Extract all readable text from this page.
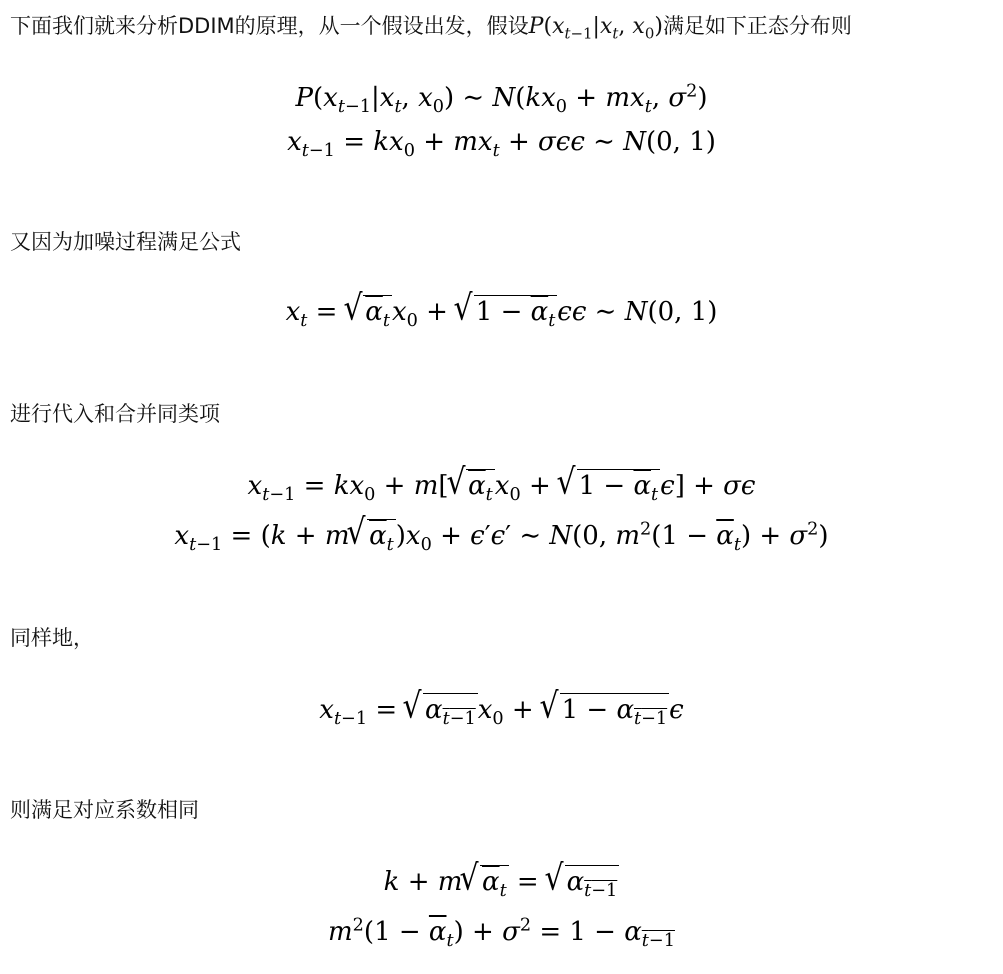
下面我们就来分析DDIM的原理，从一个假设出发，假设$P(x_{t-1}|x_t$, $x_0$)满足如下正态分布则
$P(x_{t-1}|x_t$, $x_0$) ∼ $N(kx_0 + mx_t$, $\sigma^2$)
$x_{t-1} = kx_0 + mx_t + \sigma\epsilon\epsilon$ ∼ N(0, 1)
又因为加噪过程满足公式
$x_t$ = √ $\alpha_tx_0$ + √ $1 - \overline{\alpha}_t\epsilon\epsilon$ ∼ N(0, 1)
进行代入和合并同类项
$x_{t-1} = kx_0 + m[√$ $\alpha_tx_0$ + √ $1 - \overline{\alpha}_t\epsilon] + \sigma\epsilon$
$x_{t-1} = (k + m√$ $\alpha_t)x_0 + \epsilon'\epsilon'$ ∼ N(0, $m^2(1 - \overline{\alpha}_t) + \sigma^2$)
同样地，
$x_{t-1}$ = √ $\alpha_{t-1}x_0$ + √ $1 - \alpha_{t-1}\epsilon$
则满足对应系数相同
k + m√ $\alpha_t$ = √ $\alpha_{t-1}$
$m^2(1 - \overline{\alpha}_t) + \sigma^2 = 1 - \alpha_{t-1}$
